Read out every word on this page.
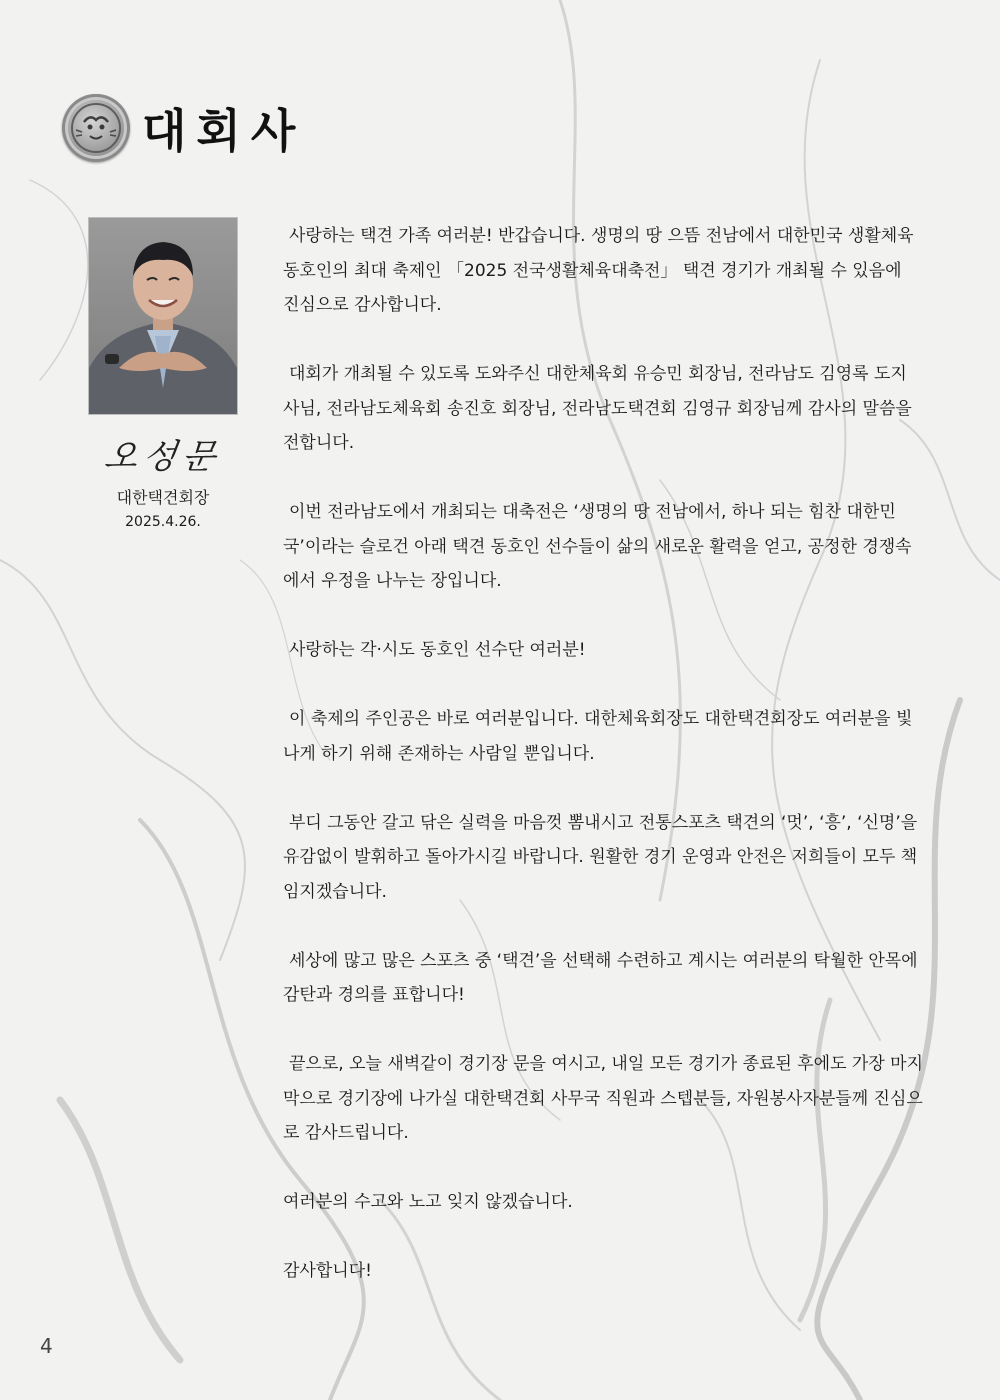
대회사
오성문
대한택견회장
2025.4.26.

사랑하는 택견 가족 여러분! 반갑습니다. 생명의 땅 으뜸 전남에서 대한민국 생활체육 동호인의 최대 축제인 「2025 전국생활체육대축전」 택견 경기가 개최될 수 있음에 진심으로 감사합니다.

대회가 개최될 수 있도록 도와주신 대한체육회 유승민 회장님, 전라남도 김영록 도지사님, 전라남도체육회 송진호 회장님, 전라남도택견회 김영규 회장님께 감사의 말씀을 전합니다.

이번 전라남도에서 개최되는 대축전은 ‘생명의 땅 전남에서, 하나 되는 힘찬 대한민국’이라는 슬로건 아래 택견 동호인 선수들이 삶의 새로운 활력을 얻고, 공정한 경쟁속에서 우정을 나누는 장입니다.

사랑하는 각·시도 동호인 선수단 여러분!

이 축제의 주인공은 바로 여러분입니다. 대한체육회장도 대한택견회장도 여러분을 빛나게 하기 위해 존재하는 사람일 뿐입니다.

부디 그동안 갈고 닦은 실력을 마음껏 뽐내시고 전통스포츠 택견의 ‘멋’, ‘흥’, ‘신명’을 유감없이 발휘하고 돌아가시길 바랍니다. 원활한 경기 운영과 안전은 저희들이 모두 책임지겠습니다.

세상에 많고 많은 스포츠 중 ‘택견’을 선택해 수련하고 계시는 여러분의 탁월한 안목에 감탄과 경의를 표합니다!

끝으로, 오늘 새벽같이 경기장 문을 여시고, 내일 모든 경기가 종료된 후에도 가장 마지막으로 경기장에 나가실 대한택견회 사무국 직원과 스텝분들, 자원봉사자분들께 진심으로 감사드립니다.

여러분의 수고와 노고 잊지 않겠습니다.

감사합니다!

4
